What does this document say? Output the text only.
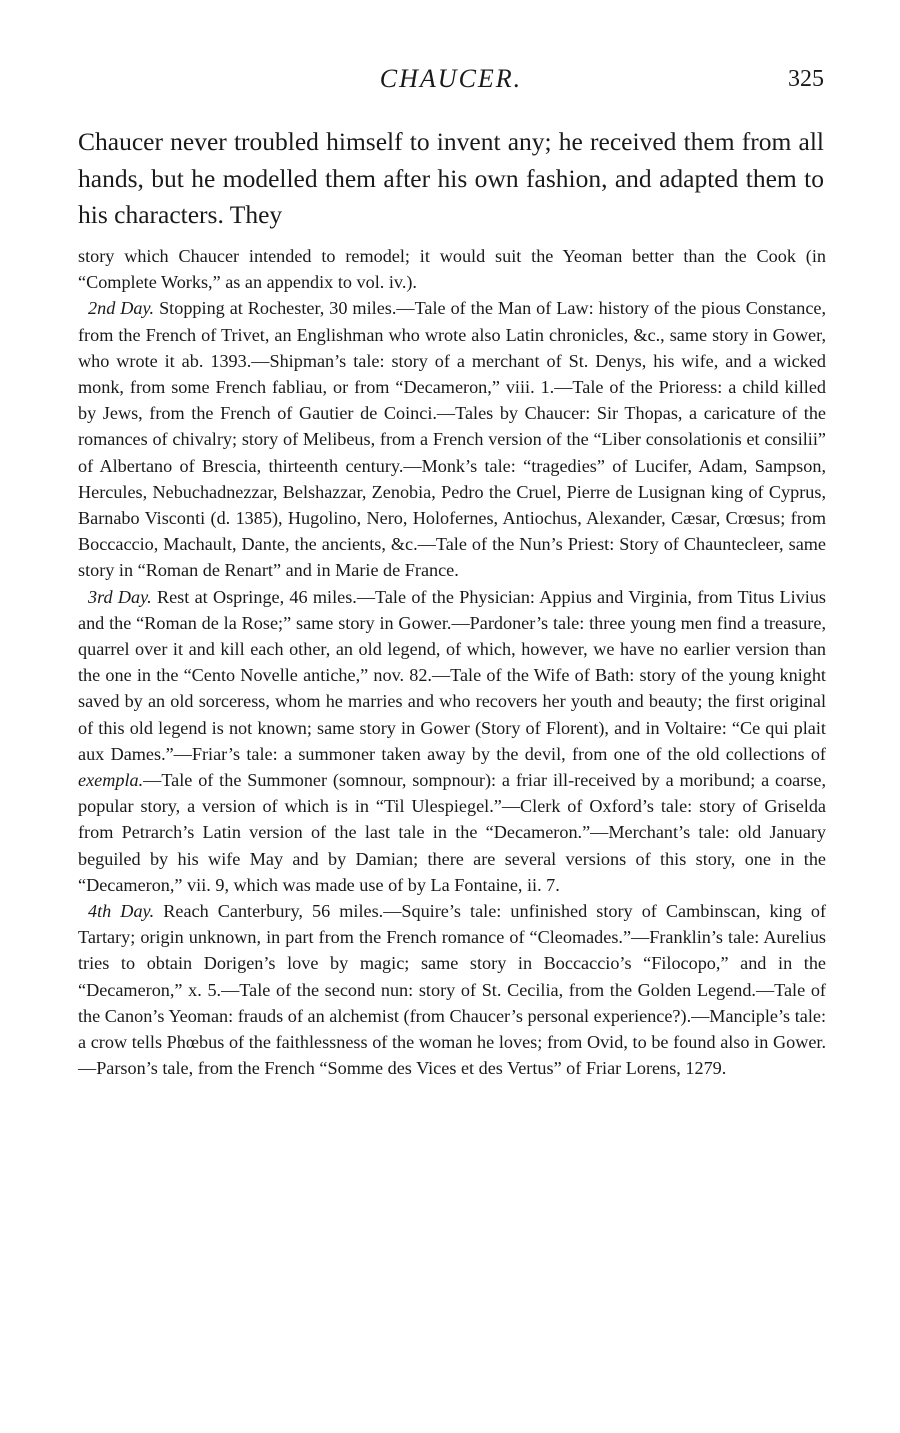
CHAUCER.	325
Chaucer never troubled himself to invent any; he received them from all hands, but he modelled them after his own fashion, and adapted them to his characters. They

story which Chaucer intended to remodel; it would suit the Yeoman better than the Cook (in “Complete Works,” as an appendix to vol. iv.).

2nd Day. Stopping at Rochester, 30 miles.—Tale of the Man of Law: history of the pious Constance, from the French of Trivet, an Englishman who wrote also Latin chronicles, &c., same story in Gower, who wrote it ab. 1393.—Shipman’s tale: story of a merchant of St. Denys, his wife, and a wicked monk, from some French fabliau, or from “Decameron,” viii. 1.—Tale of the Prioress: a child killed by Jews, from the French of Gautier de Coinci.—Tales by Chaucer: Sir Thopas, a caricature of the romances of chivalry; story of Melibeus, from a French version of the “Liber consolationis et consilii” of Albertano of Brescia, thirteenth century.—Monk’s tale: “tragedies” of Lucifer, Adam, Sampson, Hercules, Nebuchadnezzar, Belshazzar, Zenobia, Pedro the Cruel, Pierre de Lusignan king of Cyprus, Barnabo Visconti (d. 1385), Hugolino, Nero, Holofernes, Antiochus, Alexander, Cæsar, Crœsus; from Boccaccio, Machault, Dante, the ancients, &c.—Tale of the Nun’s Priest: Story of Chauntecleer, same story in “Roman de Renart” and in Marie de France.

3rd Day. Rest at Ospringe, 46 miles.—Tale of the Physician: Appius and Virginia, from Titus Livius and the “Roman de la Rose;” same story in Gower.—Pardoner’s tale: three young men find a treasure, quarrel over it and kill each other, an old legend, of which, however, we have no earlier version than the one in the “Cento Novelle antiche,” nov. 82.—Tale of the Wife of Bath: story of the young knight saved by an old sorceress, whom he marries and who recovers her youth and beauty; the first original of this old legend is not known; same story in Gower (Story of Florent), and in Voltaire: “Ce qui plait aux Dames.”—Friar’s tale: a summoner taken away by the devil, from one of the old collections of exempla.—Tale of the Summoner (somnour, sompnour): a friar ill-received by a moribund; a coarse, popular story, a version of which is in “Til Ulespiegel.”—Clerk of Oxford’s tale: story of Griselda from Petrarch’s Latin version of the last tale in the “Decameron.”—Merchant’s tale: old January beguiled by his wife May and by Damian; there are several versions of this story, one in the “Decameron,” vii. 9, which was made use of by La Fontaine, ii. 7.

4th Day. Reach Canterbury, 56 miles.—Squire’s tale: unfinished story of Cambinscan, king of Tartary; origin unknown, in part from the French romance of “Cleomades.”—Franklin’s tale: Aurelius tries to obtain Dorigen’s love by magic; same story in Boccaccio’s “Filocopo,” and in the “Decameron,” x. 5.—Tale of the second nun: story of St. Cecilia, from the Golden Legend.—Tale of the Canon’s Yeoman: frauds of an alchemist (from Chaucer’s personal experience?).—Manciple’s tale: a crow tells Phœbus of the faithlessness of the woman he loves; from Ovid, to be found also in Gower.—Parson’s tale, from the French “Somme des Vices et des Vertus” of Friar Lorens, 1279.
